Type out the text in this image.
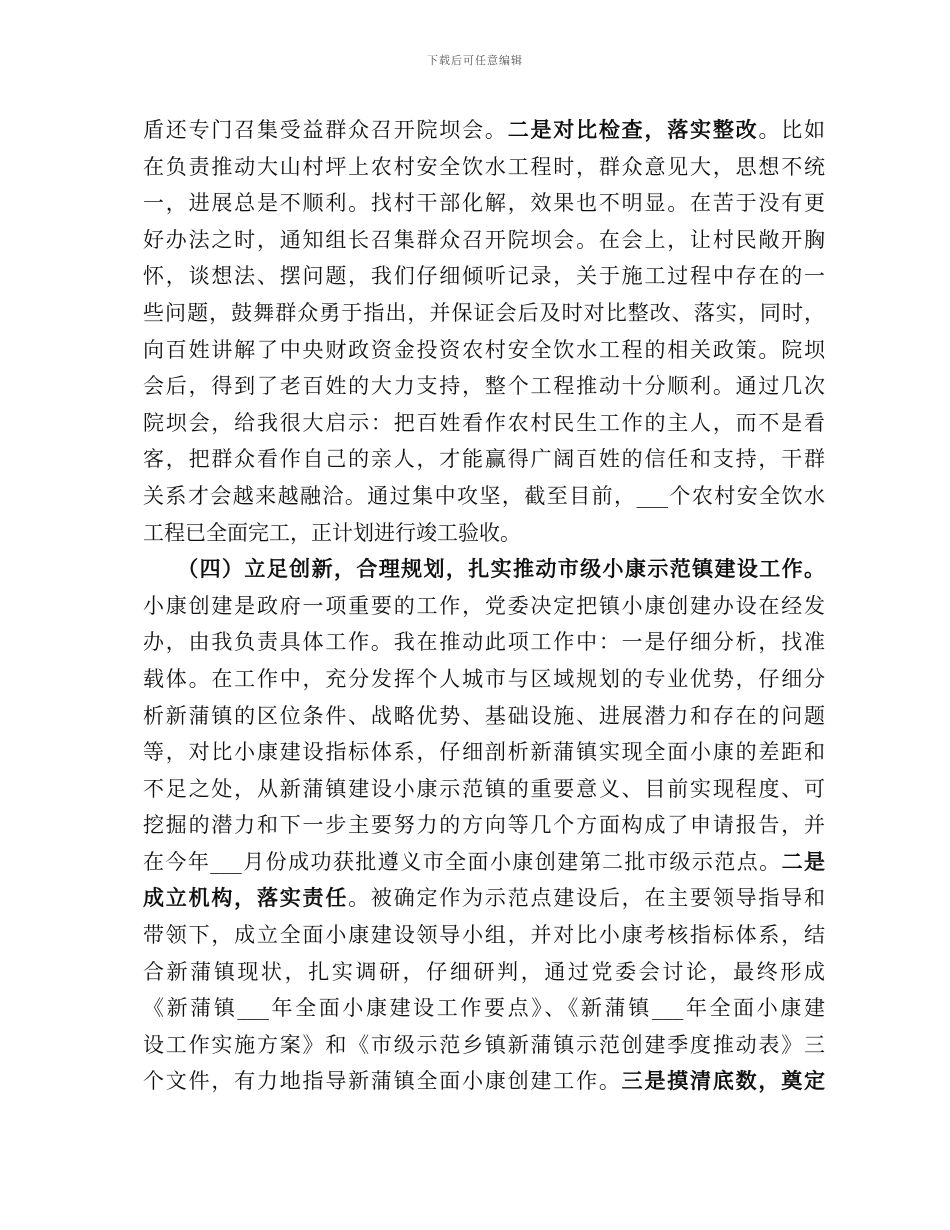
下载后可任意编辑
盾还专门召集受益群众召开院坝会。二是对比检查，落实整改。比如
在负责推动大山村坪上农村安全饮水工程时，群众意见大，思想不统
一，进展总是不顺利。找村干部化解，效果也不明显。在苦于没有更
好办法之时，通知组长召集群众召开院坝会。在会上，让村民敞开胸
怀，谈想法、摆问题，我们仔细倾听记录，关于施工过程中存在的一
些问题，鼓舞群众勇于指出，并保证会后及时对比整改、落实，同时，
向百姓讲解了中央财政资金投资农村安全饮水工程的相关政策。院坝
会后，得到了老百姓的大力支持，整个工程推动十分顺利。通过几次
院坝会，给我很大启示：把百姓看作农村民生工作的主人，而不是看
客，把群众看作自己的亲人，才能赢得广阔百姓的信任和支持，干群
关系才会越来越融洽。通过集中攻坚，截至目前，___个农村安全饮水
工程已全面完工，正计划进行竣工验收。
　　（四）立足创新，合理规划，扎实推动市级小康示范镇建设工作。
小康创建是政府一项重要的工作，党委决定把镇小康创建办设在经发
办，由我负责具体工作。我在推动此项工作中：一是仔细分析，找准
载体。在工作中，充分发挥个人城市与区域规划的专业优势，仔细分
析新蒲镇的区位条件、战略优势、基础设施、进展潜力和存在的问题
等，对比小康建设指标体系，仔细剖析新蒲镇实现全面小康的差距和
不足之处，从新蒲镇建设小康示范镇的重要意义、目前实现程度、可
挖掘的潜力和下一步主要努力的方向等几个方面构成了申请报告，并
在今年___月份成功获批遵义市全面小康创建第二批市级示范点。二是
成立机构，落实责任。被确定作为示范点建设后，在主要领导指导和
带领下，成立全面小康建设领导小组，并对比小康考核指标体系，结
合新蒲镇现状，扎实调研，仔细研判，通过党委会讨论，最终形成
《新蒲镇___年全面小康建设工作要点》、《新蒲镇___年全面小康建
设工作实施方案》和《市级示范乡镇新蒲镇示范创建季度推动表》三
个文件，有力地指导新蒲镇全面小康创建工作。三是摸清底数，奠定
